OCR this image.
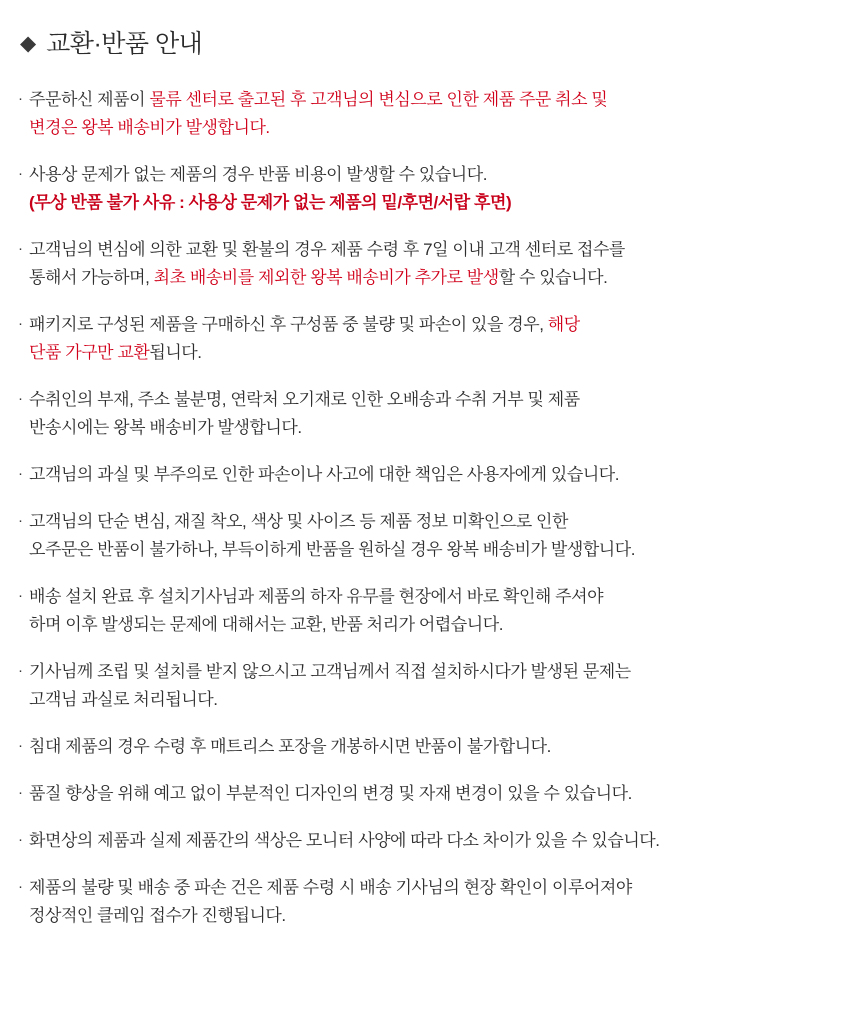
◆ 교환·반품 안내
· 주문하신 제품이 물류 센터로 출고된 후 고객님의 변심으로 인한 제품 주문 취소 및
변경은 왕복 배송비가 발생합니다.
· 사용상 문제가 없는 제품의 경우 반품 비용이 발생할 수 있습니다.
(무상 반품 불가 사유 : 사용상 문제가 없는 제품의 밑/후면/서랍 후면)
· 고객님의 변심에 의한 교환 및 환불의 경우 제품 수령 후 7일 이내 고객 센터로 접수를
통해서 가능하며, 최초 배송비를 제외한 왕복 배송비가 추가로 발생할 수 있습니다.
· 패키지로 구성된 제품을 구매하신 후 구성품 중 불량 및 파손이 있을 경우, 해당
단품 가구만 교환됩니다.
· 수취인의 부재, 주소 불분명, 연락처 오기재로 인한 오배송과 수취 거부 및 제품
반송시에는 왕복 배송비가 발생합니다.
· 고객님의 과실 및 부주의로 인한 파손이나 사고에 대한 책임은 사용자에게 있습니다.
· 고객님의 단순 변심, 재질 착오, 색상 및 사이즈 등 제품 정보 미확인으로 인한
오주문은 반품이 불가하나, 부득이하게 반품을 원하실 경우 왕복 배송비가 발생합니다.
· 배송 설치 완료 후 설치기사님과 제품의 하자 유무를 현장에서 바로 확인해 주셔야
하며 이후 발생되는 문제에 대해서는 교환, 반품 처리가 어렵습니다.
· 기사님께 조립 및 설치를 받지 않으시고 고객님께서 직접 설치하시다가 발생된 문제는
고객님 과실로 처리됩니다.
· 침대 제품의 경우 수령 후 매트리스 포장을 개봉하시면 반품이 불가합니다.
· 품질 향상을 위해 예고 없이 부분적인 디자인의 변경 및 자재 변경이 있을 수 있습니다.
· 화면상의 제품과 실제 제품간의 색상은 모니터 사양에 따라 다소 차이가 있을 수 있습니다.
· 제품의 불량 및 배송 중 파손 건은 제품 수령 시 배송 기사님의 현장 확인이 이루어져야
정상적인 클레임 접수가 진행됩니다.
